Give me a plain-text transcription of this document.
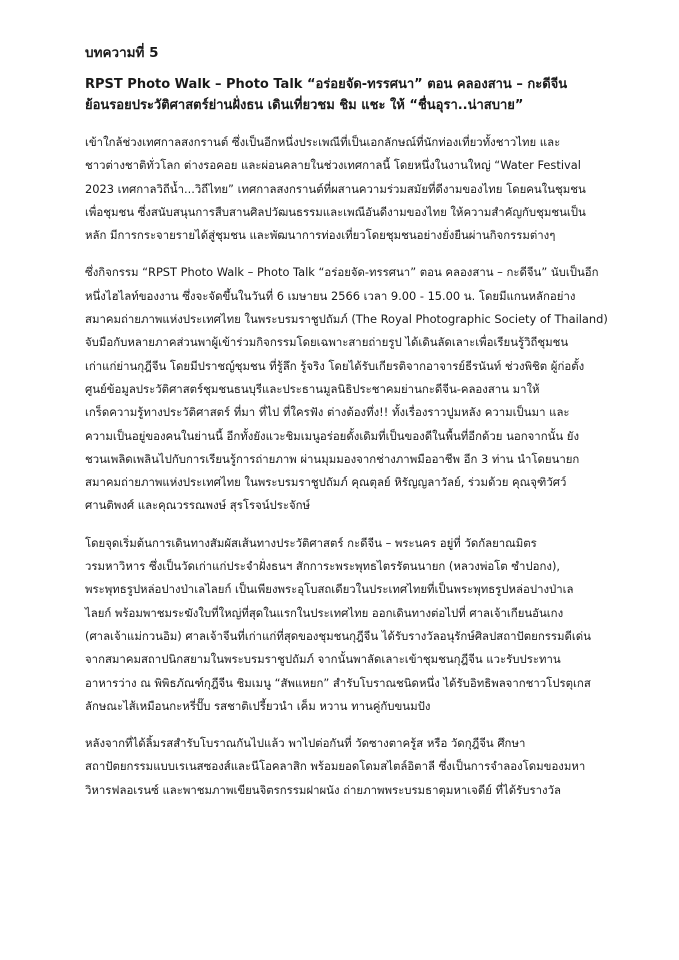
บทความที่ 5
RPST Photo Walk – Photo Talk “อร่อยจัด-ทรรศนา” ตอน คลองสาน – กะดีจีน
ย้อนรอยประวัติศาสตร์ย่านฝั่งธน เดินเที่ยวชม ชิม แชะ ให้ “ชื่นอุรา..น่าสบาย”
เข้าใกล้ช่วงเทศกาลสงกรานต์ ซึ่งเป็นอีกหนึ่งประเพณีที่เป็นเอกลักษณ์ที่นักท่องเที่ยวทั้งชาวไทย และ
ชาวต่างชาติทั่วโลก ต่างรอคอย และผ่อนคลายในช่วงเทศกาลนี้ โดยหนึ่งในงานใหญ่ “Water Festival
2023 เทศกาลวิถีน้ำ...วิถีไทย” เทศกาลสงกรานต์ที่ผสานความร่วมสมัยที่ดีงามของไทย โดยคนในชุมชน
เพื่อชุมชน ซึ่งสนับสนุนการสืบสานศิลปวัฒนธรรมและเพณีอันดีงามของไทย ให้ความสำคัญกับชุมชนเป็น
หลัก มีการกระจายรายได้สู่ชุมชน และพัฒนาการท่องเที่ยวโดยชุมชนอย่างยั่งยืนผ่านกิจกรรมต่างๆ
ซึ่งกิจกรรม “RPST Photo Walk – Photo Talk “อร่อยจัด-ทรรศนา” ตอน คลองสาน – กะดีจีน” นับเป็นอีก
หนึ่งไฮไลท์ของงาน ซึ่งจะจัดขึ้นในวันที่ 6 เมษายน 2566 เวลา 9.00 - 15.00 น. โดยมีแกนหลักอย่าง
สมาคมถ่ายภาพแห่งประเทศไทย ในพระบรมราชูปถัมภ์ (The Royal Photographic Society of Thailand)
จับมือกับหลายภาคส่วนพาผู้เข้าร่วมกิจกรรมโดยเฉพาะสายถ่ายรูป ได้เดินลัดเลาะเพื่อเรียนรู้วิถีชุมชน
เก่าแก่ย่านกุฎีจีน โดยมีปราชญ์ชุมชน ที่รู้ลึก รู้จริง โดยได้รับเกียรติจากอาจารย์ธีรนันท์ ช่วงพิชิต ผู้ก่อตั้ง
ศูนย์ข้อมูลประวัติศาสตร์ชุมชนธนบุรีและประธานมูลนิธิประชาคมย่านกะดีจีน-คลองสาน มาให้
เกร็ดความรู้ทางประวัติศาสตร์ ที่มา ที่ไป ที่ใครฟัง ต่างต้องทึ่ง!! ทั้งเรื่องราวปูมหลัง ความเป็นมา และ
ความเป็นอยู่ของคนในย่านนี้ อีกทั้งยังแวะชิมเมนูอร่อยดั้งเดิมที่เป็นของดีในพื้นที่อีกด้วย นอกจากนั้น ยัง
ชวนเพลิดเพลินไปกับการเรียนรู้การถ่ายภาพ ผ่านมุมมองจากช่างภาพมืออาชีพ อีก 3 ท่าน นำโดยนายก
สมาคมถ่ายภาพแห่งประเทศไทย ในพระบรมราชูปถัมภ์ คุณตุลย์ หิรัญญลาวัลย์, ร่วมด้วย คุณจุฑิวัศว์
ศานติพงศ์ และคุณวรรณพงษ์ สุรโรจน์ประจักษ์
โดยจุดเริ่มต้นการเดินทางสัมผัสเส้นทางประวัติศาสตร์ กะดีจีน – พระนคร อยู่ที่ วัดกัลยาณมิตร
วรมหาวิหาร ซึ่งเป็นวัดเก่าแก่ประจำฝั่งธนฯ สักการะพระพุทธไตรรัตนนายก (หลวงพ่อโต ซำปอกง),
พระพุทธรูปหล่อปางป่าเลไลยก์ เป็นเพียงพระอุโบสถเดียวในประเทศไทยที่เป็นพระพุทธรูปหล่อปางป่าเล
ไลยก์ พร้อมพาชมระฆังใบที่ใหญ่ที่สุดในแรกในประเทศไทย ออกเดินทางต่อไปที่ ศาลเจ้าเกียนอันเกง
(ศาลเจ้าแม่กวนอิม) ศาลเจ้าจีนที่เก่าแก่ที่สุดของชุมชนกุฎีจีน ได้รับรางวัลอนุรักษ์ศิลปสถาปัตยกรรมดีเด่น
จากสมาคมสถาปนิกสยามในพระบรมราชูปถัมภ์ จากนั้นพาลัดเลาะเข้าชุมชนกุฎีจีน แวะรับประทาน
อาหารว่าง ณ พิพิธภัณฑ์กุฎีจีน ชิมเมนู “สัพแหยก” สำรับโบราณชนิดหนึ่ง ได้รับอิทธิพลจากชาวโปรตุเกส
ลักษณะไส้เหมือนกะหรี่ปั๊บ รสชาติเปรี้ยวนำ เค็ม หวาน ทานคู่กับขนมปัง
หลังจากที่ได้ลิ้มรสสำรับโบราณกันไปแล้ว พาไปต่อกันที่ วัดซางตาครู้ส หรือ วัดกุฎีจีน ศึกษา
สถาปัตยกรรมแบบเรเนสซองส์และนีโอคลาสิก พร้อมยอดโดมสไตล์อิตาลี ซึ่งเป็นการจำลองโดมของมหา
วิหารฟลอเรนซ์ และพาชมภาพเขียนจิตรกรรมฝาผนัง ถ่ายภาพพระบรมธาตุมหาเจดีย์ ที่ได้รับรางวัล
